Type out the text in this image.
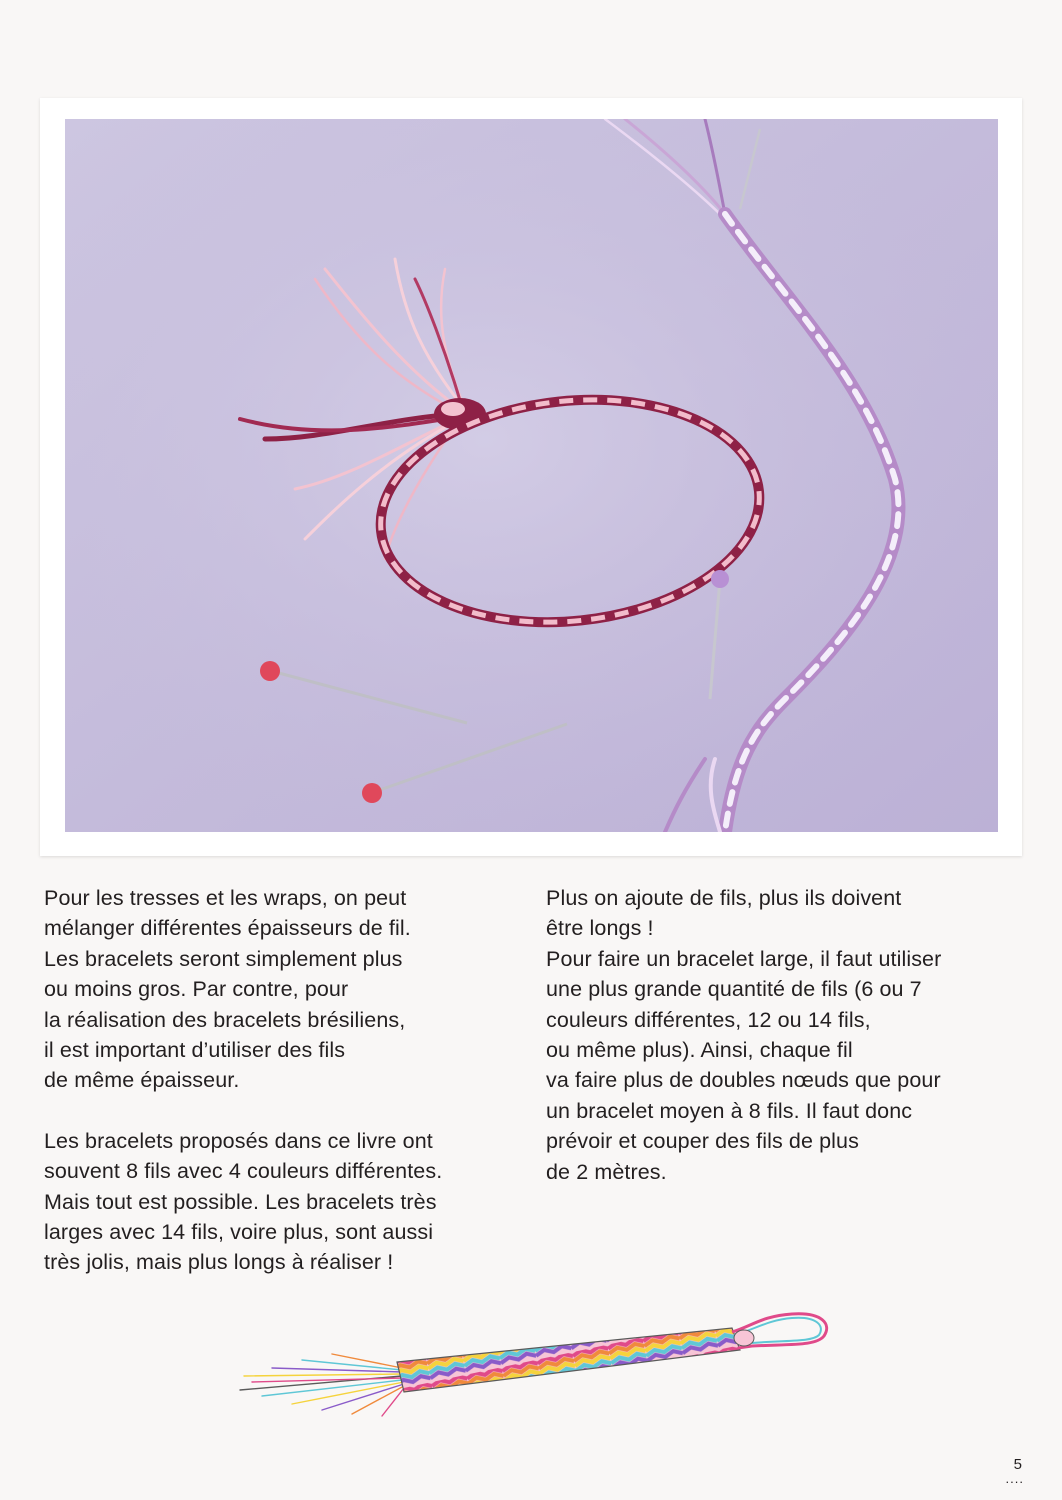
Pour les tresses et les wraps, on peut
mélanger différentes épaisseurs de fil.
Les bracelets seront simplement plus
ou moins gros. Par contre, pour
la réalisation des bracelets brésiliens,
il est important d’utiliser des fils
de même épaisseur.
Les bracelets proposés dans ce livre ont
souvent 8 fils avec 4 couleurs différentes.
Mais tout est possible. Les bracelets très
larges avec 14 fils, voire plus, sont aussi
très jolis, mais plus longs à réaliser !
Plus on ajoute de fils, plus ils doivent
être longs !
Pour faire un bracelet large, il faut utiliser
une plus grande quantité de fils (6 ou 7
couleurs différentes, 12 ou 14 fils,
ou même plus). Ainsi, chaque fil
va faire plus de doubles nœuds que pour
un bracelet moyen à 8 fils. Il faut donc
prévoir et couper des fils de plus
de 2 mètres.
5
....
